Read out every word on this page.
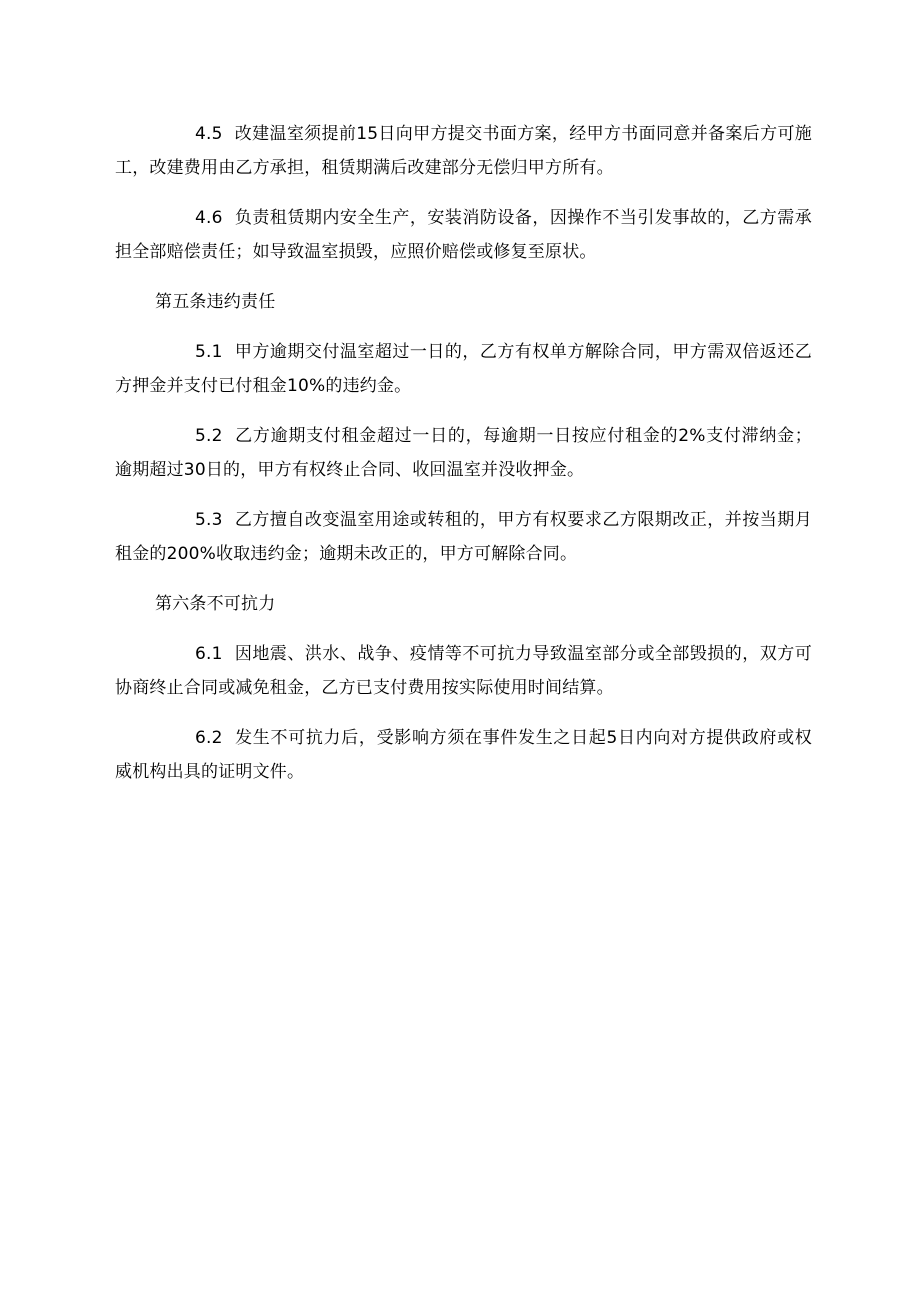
4.5 改建温室须提前15日向甲方提交书面方案，经甲方书面同意并备案后方可施工，改建费用由乙方承担，租赁期满后改建部分无偿归甲方所有。

4.6 负责租赁期内安全生产，安装消防设备，因操作不当引发事故的，乙方需承担全部赔偿责任；如导致温室损毁，应照价赔偿或修复至原状。

第五条违约责任

5.1 甲方逾期交付温室超过一日的，乙方有权单方解除合同，甲方需双倍返还乙方押金并支付已付租金10%的违约金。

5.2 乙方逾期支付租金超过一日的，每逾期一日按应付租金的2%支付滞纳金；逾期超过30日的，甲方有权终止合同、收回温室并没收押金。

5.3 乙方擅自改变温室用途或转租的，甲方有权要求乙方限期改正，并按当期月租金的200%收取违约金；逾期未改正的，甲方可解除合同。

第六条不可抗力

6.1 因地震、洪水、战争、疫情等不可抗力导致温室部分或全部毁损的，双方可协商终止合同或减免租金，乙方已支付费用按实际使用时间结算。

6.2 发生不可抗力后，受影响方须在事件发生之日起5日内向对方提供政府或权威机构出具的证明文件。
